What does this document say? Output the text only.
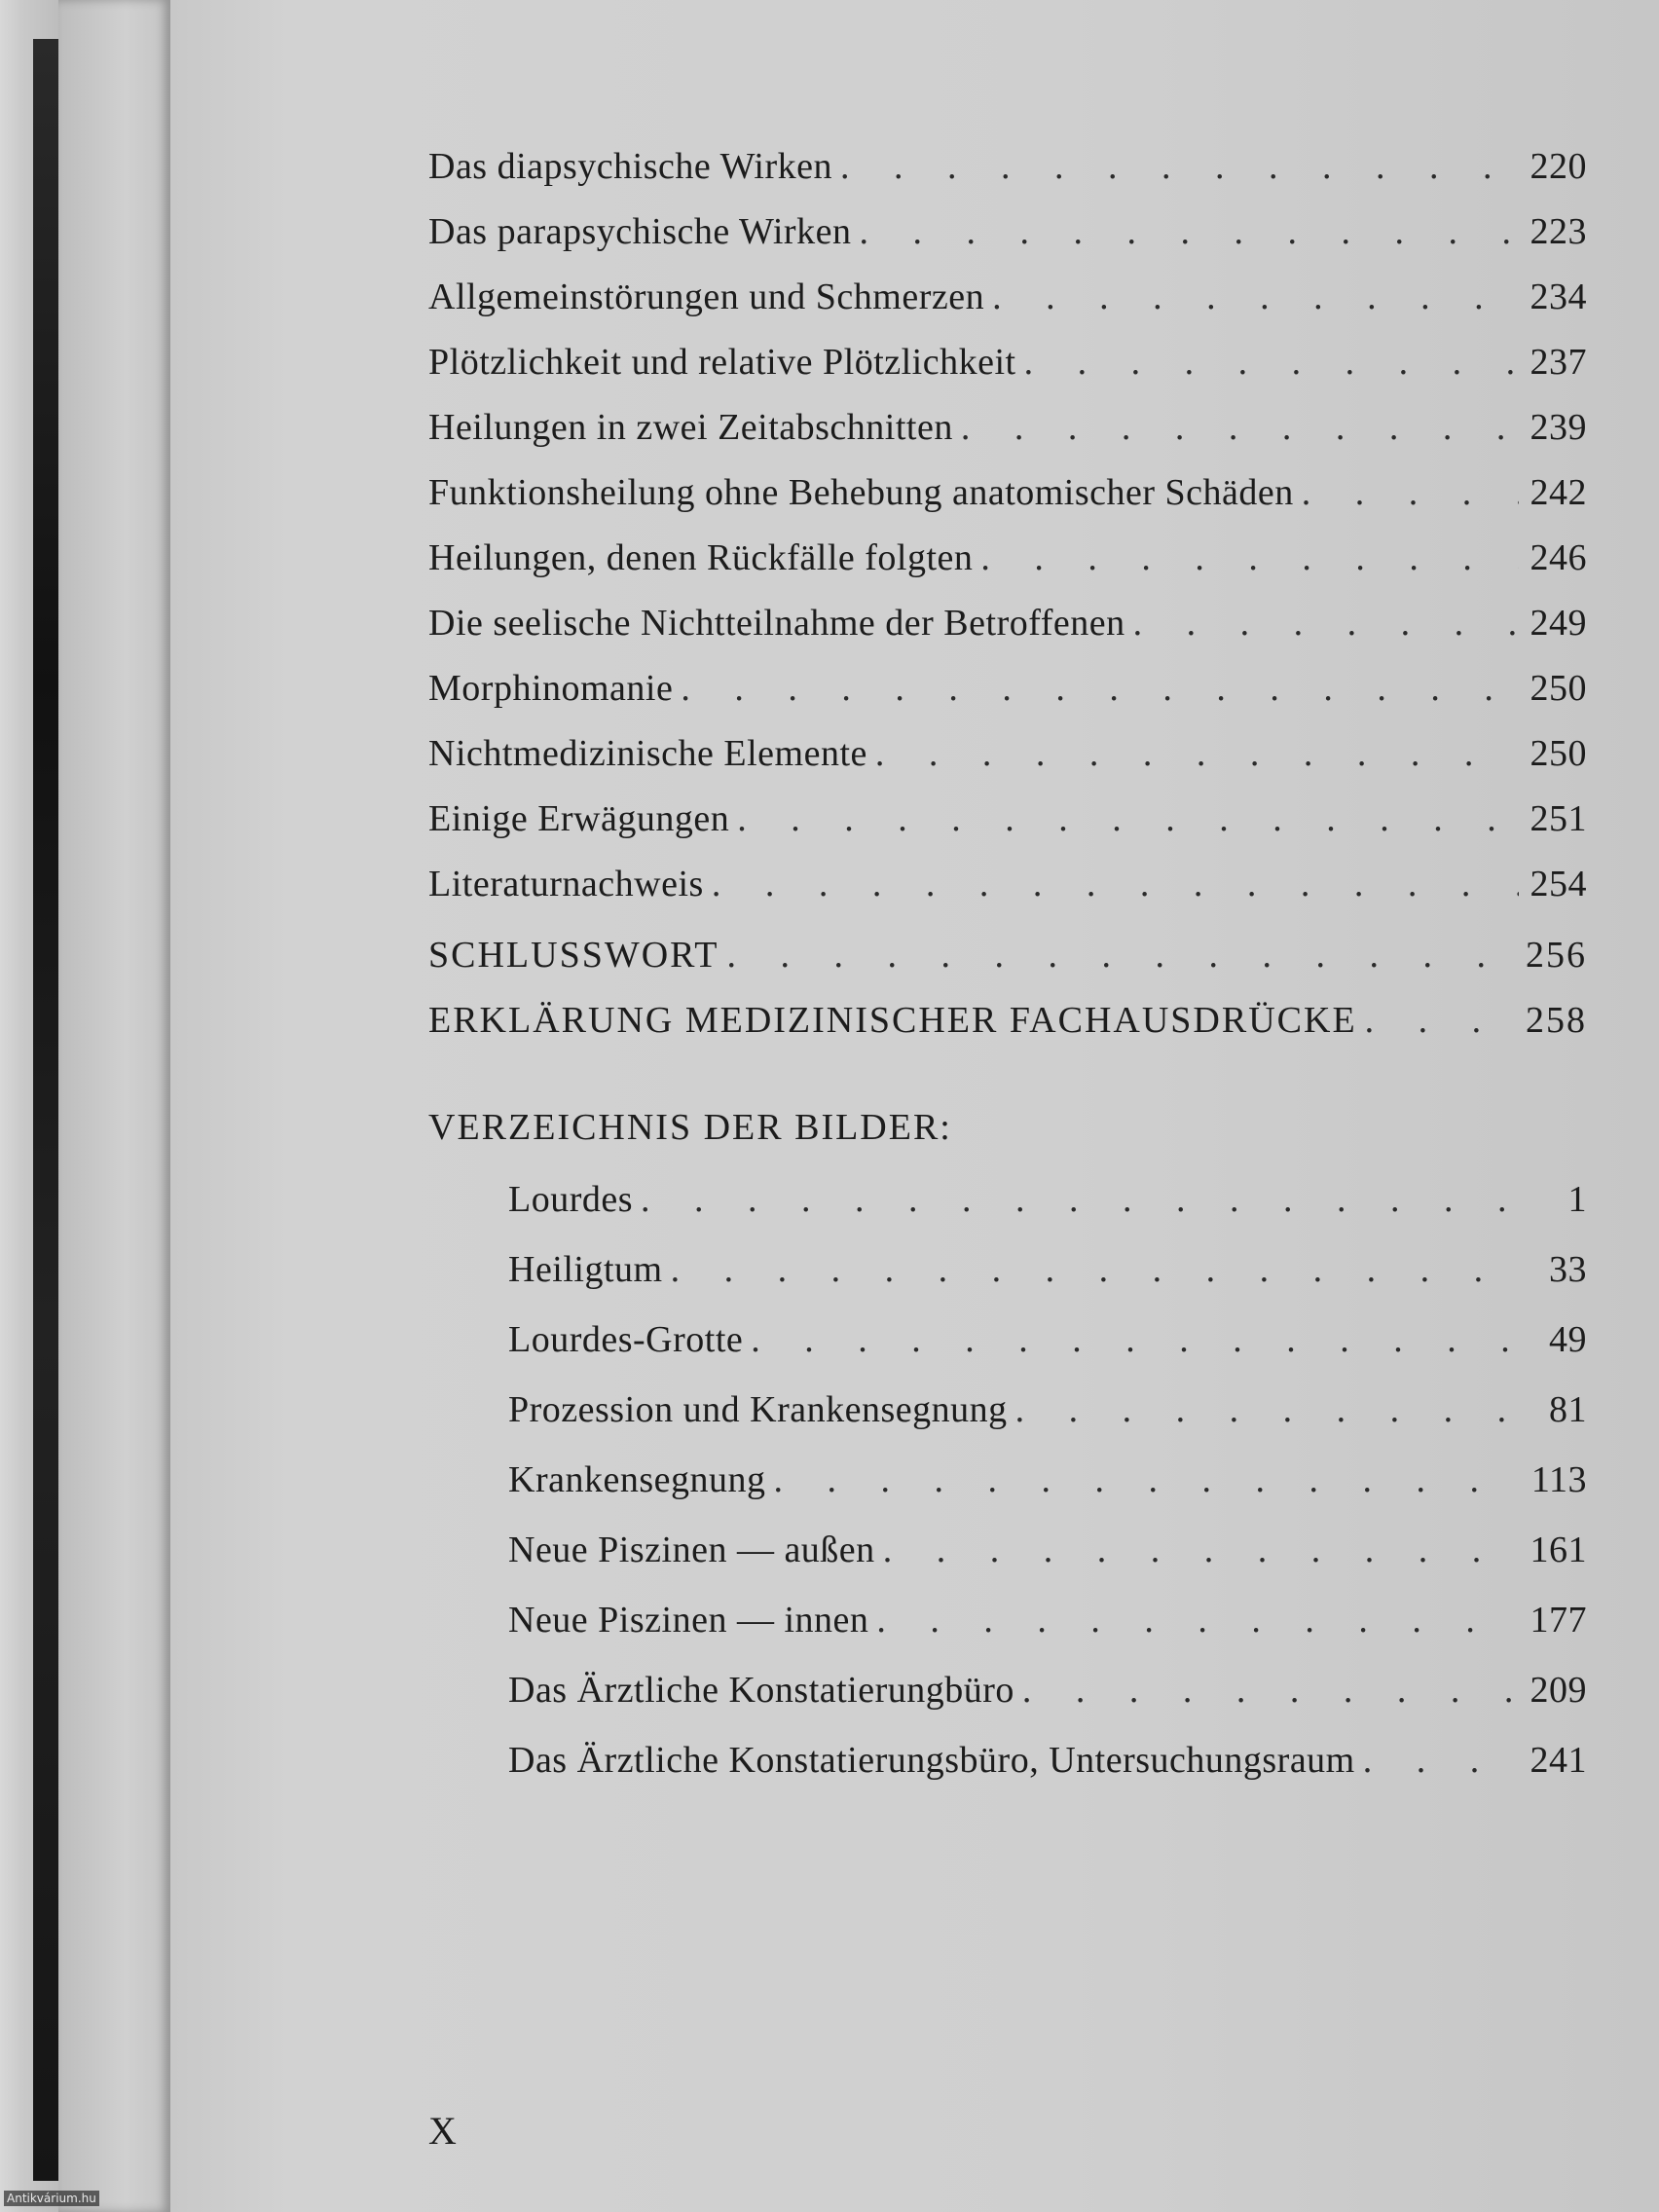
Das diapsychische Wirken . . .	220
Das parapsychische Wirken . . .	223
Allgemeinstörungen und Schmerzen . . .	234
Plötzlichkeit und relative Plötzlichkeit . . .	237
Heilungen in zwei Zeitabschnitten . . .	239
Funktionsheilung ohne Behebung anatomischer Schäden . . .	242
Heilungen, denen Rückfälle folgten . . .	246
Die seelische Nichtteilnahme der Betroffenen . . .	249
Morphinomanie . . .	250
Nichtmedizinische Elemente . . .	250
Einige Erwägungen . . .	251
Literaturnachweis . . .	254
SCHLUSSWORT . . .	256
ERKLÄRUNG MEDIZINISCHER FACHAUSDRÜCKE . . .	258
VERZEICHNIS DER BILDER:
Lourdes . . .	1
Heiligtum . . .	33
Lourdes-Grotte . . .	49
Prozession und Krankensegnung . . .	81
Krankensegnung . . .	113
Neue Piszinen — außen . . .	161
Neue Piszinen — innen . . .	177
Das Ärztliche Konstatierungbüro . . .	209
Das Ärztliche Konstatierungsbüro, Untersuchungsraum . . .	241
X
Antikvárium.hu
